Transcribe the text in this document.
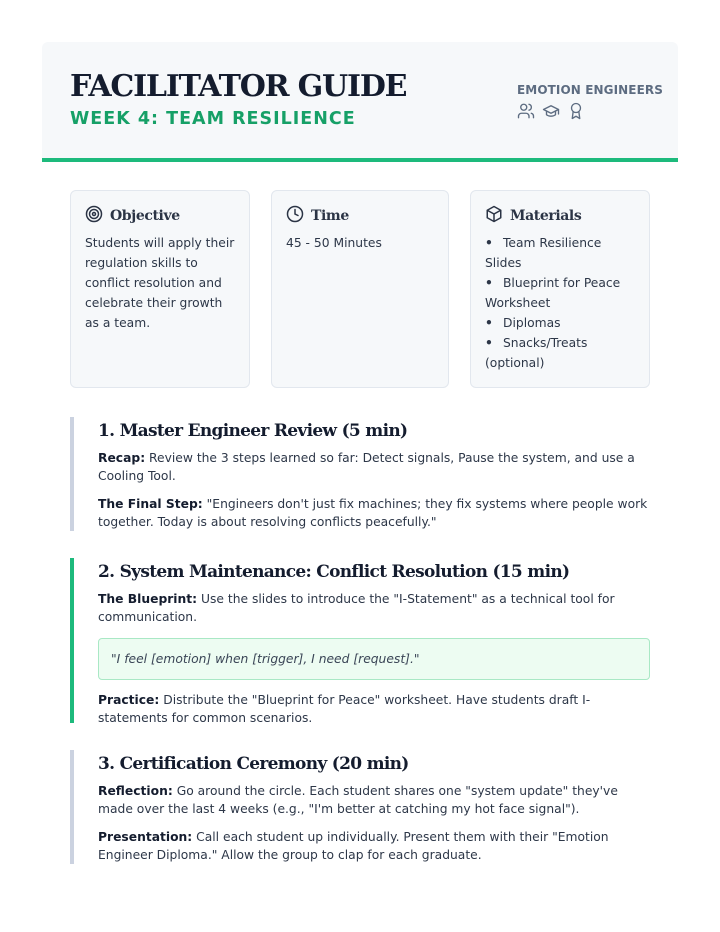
FACILITATOR GUIDE
WEEK 4: TEAM RESILIENCE
EMOTION ENGINEERS
Objective
Students will apply their regulation skills to conflict resolution and celebrate their growth as a team.
Time
45 - 50 Minutes
Materials
• Team Resilience Slides
• Blueprint for Peace Worksheet
• Diplomas
• Snacks/Treats (optional)
1. Master Engineer Review (5 min)

Recap: Review the 3 steps learned so far: Detect signals, Pause the system, and use a Cooling Tool.

The Final Step: "Engineers don't just fix machines; they fix systems where people work together. Today is about resolving conflicts peacefully."

2. System Maintenance: Conflict Resolution (15 min)

The Blueprint: Use the slides to introduce the "I-Statement" as a technical tool for communication.

"I feel [emotion] when [trigger], I need [request]."

Practice: Distribute the "Blueprint for Peace" worksheet. Have students draft I-statements for common scenarios.

3. Certification Ceremony (20 min)

Reflection: Go around the circle. Each student shares one "system update" they've made over the last 4 weeks (e.g., "I'm better at catching my hot face signal").

Presentation: Call each student up individually. Present them with their "Emotion Engineer Diploma." Allow the group to clap for each graduate.
